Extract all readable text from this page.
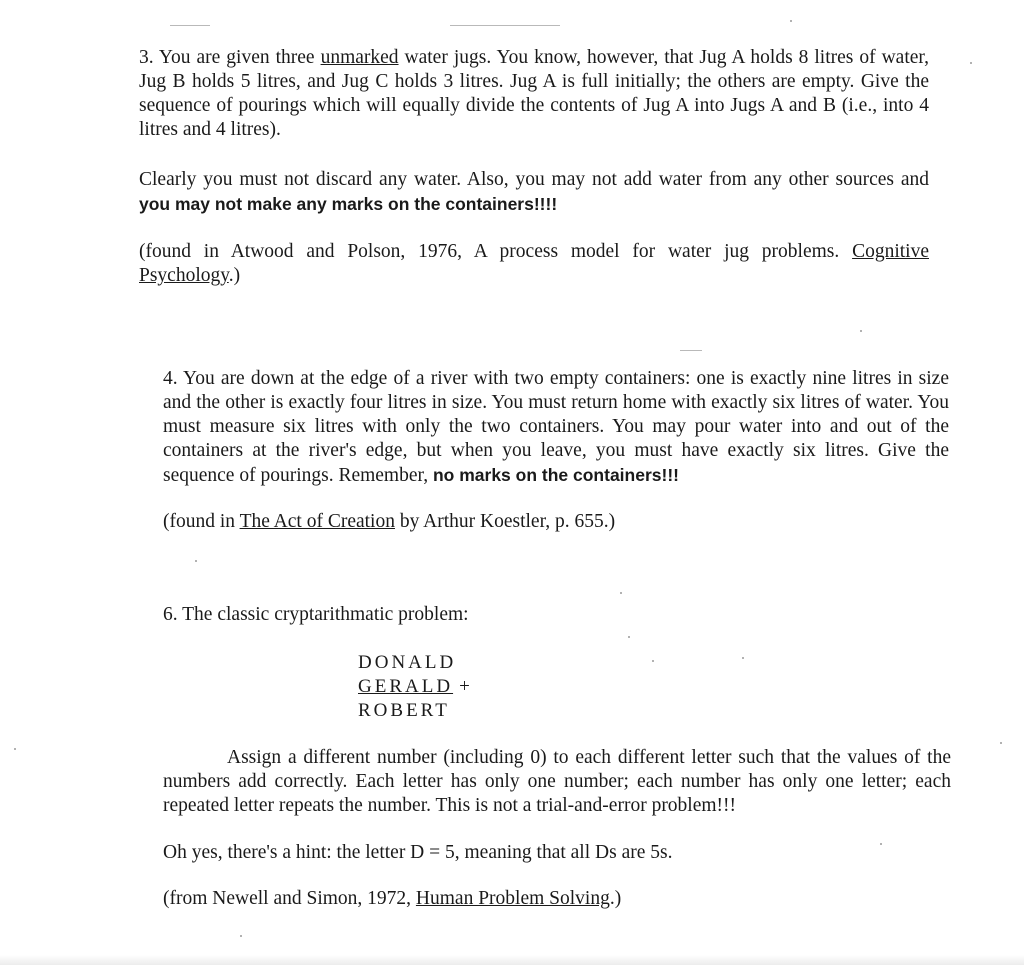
3. You are given three unmarked water jugs. You know, however, that Jug A holds 8 litres of water, Jug B holds 5 litres, and Jug C holds 3 litres. Jug A is full initially; the others are empty. Give the sequence of pourings which will equally divide the contents of Jug A into Jugs A and B (i.e., into 4 litres and 4 litres).

Clearly you must not discard any water. Also, you may not add water from any other sources and you may not make any marks on the containers!!!!

(found in Atwood and Polson, 1976, A process model for water jug problems. Cognitive Psychology.)

4. You are down at the edge of a river with two empty containers: one is exactly nine litres in size and the other is exactly four litres in size. You must return home with exactly six litres of water. You must measure six litres with only the two containers. You may pour water into and out of the containers at the river's edge, but when you leave, you must have exactly six litres. Give the sequence of pourings. Remember, no marks on the containers!!!

(found in The Act of Creation by Arthur Koestler, p. 655.)

6. The classic cryptarithmatic problem:

DONALD
GERALD +
ROBERT

Assign a different number (including 0) to each different letter such that the values of the numbers add correctly. Each letter has only one number; each number has only one letter; each repeated letter repeats the number. This is not a trial-and-error problem!!!

Oh yes, there's a hint: the letter D = 5, meaning that all Ds are 5s.

(from Newell and Simon, 1972, Human Problem Solving.)
